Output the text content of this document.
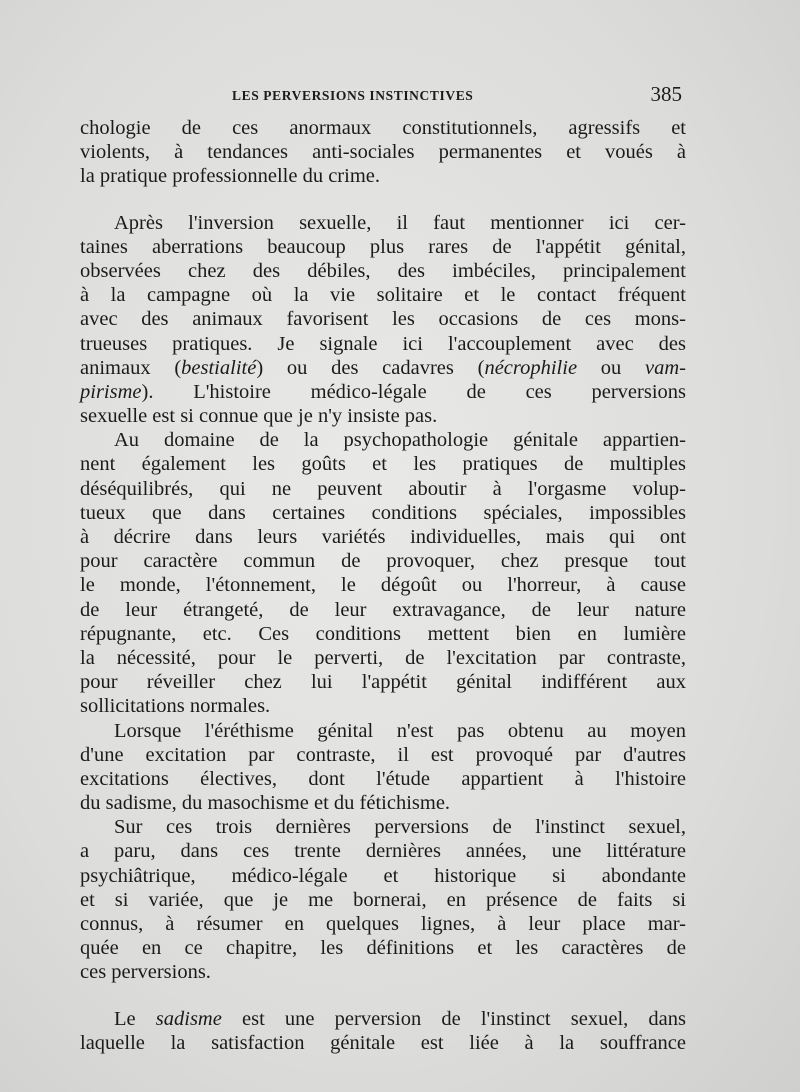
LES PERVERSIONS INSTINCTIVES	385
chologie de ces anormaux constitutionnels, agressifs et
violents, à tendances anti-sociales permanentes et voués à
la pratique professionnelle du crime.
Après l'inversion sexuelle, il faut mentionner ici cer-
taines aberrations beaucoup plus rares de l'appétit génital,
observées chez des débiles, des imbéciles, principalement
à la campagne où la vie solitaire et le contact fréquent
avec des animaux favorisent les occasions de ces mons-
trueuses pratiques. Je signale ici l'accouplement avec des
animaux (bestialité) ou des cadavres (nécrophilie ou vam-
pirisme). L'histoire médico-légale de ces perversions
sexuelle est si connue que je n'y insiste pas.
Au domaine de la psychopathologie génitale appartien-
nent également les goûts et les pratiques de multiples
déséquilibrés, qui ne peuvent aboutir à l'orgasme volup-
tueux que dans certaines conditions spéciales, impossibles
à décrire dans leurs variétés individuelles, mais qui ont
pour caractère commun de provoquer, chez presque tout
le monde, l'étonnement, le dégoût ou l'horreur, à cause
de leur étrangeté, de leur extravagance, de leur nature
répugnante, etc. Ces conditions mettent bien en lumière
la nécessité, pour le perverti, de l'excitation par contraste,
pour réveiller chez lui l'appétit génital indifférent aux
sollicitations normales.
Lorsque l'éréthisme génital n'est pas obtenu au moyen
d'une excitation par contraste, il est provoqué par d'autres
excitations électives, dont l'étude appartient à l'histoire
du sadisme, du masochisme et du fétichisme.
Sur ces trois dernières perversions de l'instinct sexuel,
a paru, dans ces trente dernières années, une littérature
psychiâtrique, médico-légale et historique si abondante
et si variée, que je me bornerai, en présence de faits si
connus, à résumer en quelques lignes, à leur place mar-
quée en ce chapitre, les définitions et les caractères de
ces perversions.
Le sadisme est une perversion de l'instinct sexuel, dans
laquelle la satisfaction génitale est liée à la souffrance
